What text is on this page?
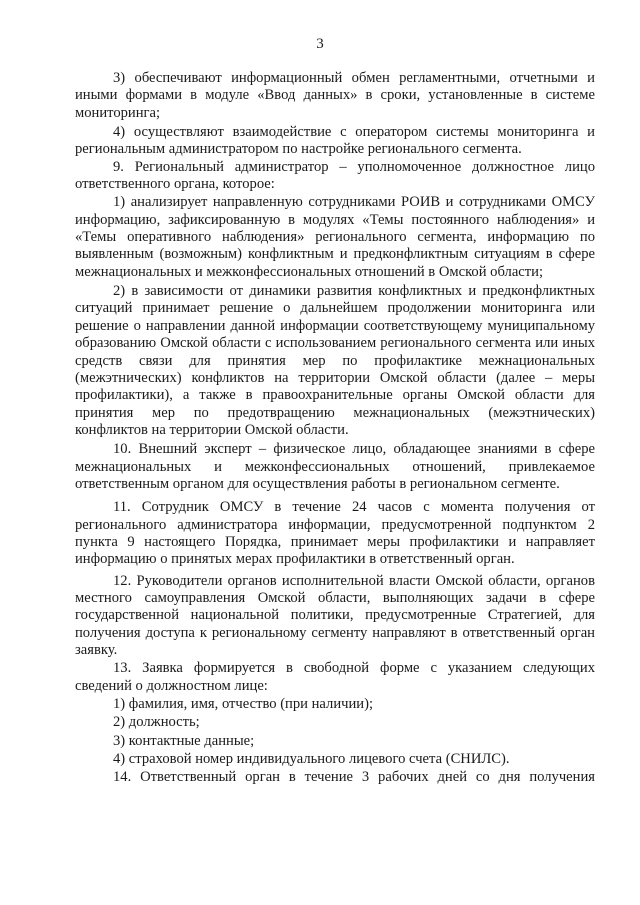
3

3) обеспечивают информационный обмен регламентными, отчетными и иными формами в модуле «Ввод данных» в сроки, установленные в системе мониторинга;

4) осуществляют взаимодействие с оператором системы мониторинга и региональным администратором по настройке регионального сегмента.

9. Региональный администратор – уполномоченное должностное лицо ответственного органа, которое:

1) анализирует направленную сотрудниками РОИВ и сотрудниками ОМСУ информацию, зафиксированную в модулях «Темы постоянного наблюдения» и «Темы оперативного наблюдения» регионального сегмента, информацию по выявленным (возможным) конфликтным и предконфликтным ситуациям в сфере межнациональных и межконфессиональных отношений в Омской области;

2) в зависимости от динамики развития конфликтных и предконфликтных ситуаций принимает решение о дальнейшем продолжении мониторинга или решение о направлении данной информации соответствующему муниципальному образованию Омской области с использованием регионального сегмента или иных средств связи для принятия мер по профилактике межнациональных (межэтнических) конфликтов на территории Омской области (далее – меры профилактики), а также в правоохранительные органы Омской области для принятия мер по предотвращению межнациональных (межэтнических) конфликтов на территории Омской области.

10. Внешний эксперт – физическое лицо, обладающее знаниями в сфере межнациональных и межконфессиональных отношений, привлекаемое ответственным органом для осуществления работы в региональном сегменте.

11. Сотрудник ОМСУ в течение 24 часов с момента получения от регионального администратора информации, предусмотренной подпунктом 2 пункта 9 настоящего Порядка, принимает меры профилактики и направляет информацию о принятых мерах профилактики в ответственный орган.

12. Руководители органов исполнительной власти Омской области, органов местного самоуправления Омской области, выполняющих задачи в сфере государственной национальной политики, предусмотренные Стратегией, для получения доступа к региональному сегменту направляют в ответственный орган заявку.

13. Заявка формируется в свободной форме с указанием следующих сведений о должностном лице:

1) фамилия, имя, отчество (при наличии);

2) должность;

3) контактные данные;

4) страховой номер индивидуального лицевого счета (СНИЛС).

14. Ответственный орган в течение 3 рабочих дней со дня получения
